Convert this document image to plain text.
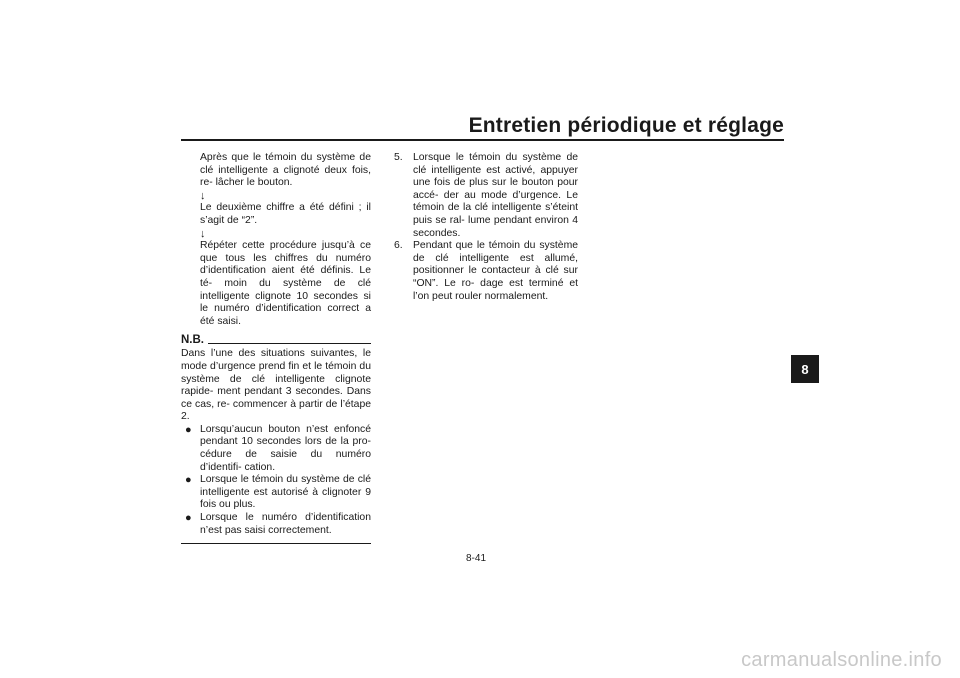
Entretien périodique et réglage

Après que le témoin du système de clé intelligente a clignoté deux fois, re- lâcher le bouton.

↓

Le deuxième chiffre a été défini ; il s’agit de “2”.

↓

Répéter cette procédure jusqu’à ce que tous les chiffres du numéro d’identification aient été définis. Le té- moin du système de clé intelligente clignote 10 secondes si le numéro d’identification correct a été saisi.

N.B.

Dans l’une des situations suivantes, le mode d’urgence prend fin et le témoin du système de clé intelligente clignote rapide- ment pendant 3 secondes. Dans ce cas, re- commencer à partir de l’étape 2.

● Lorsqu’aucun bouton n’est enfoncé pendant 10 secondes lors de la pro- cédure de saisie du numéro d’identifi- cation.

● Lorsque le témoin du système de clé intelligente est autorisé à clignoter 9 fois ou plus.

● Lorsque le numéro d’identification n’est pas saisi correctement.

5. Lorsque le témoin du système de clé intelligente est activé, appuyer une fois de plus sur le bouton pour accé- der au mode d’urgence. Le témoin de la clé intelligente s’éteint puis se ral- lume pendant environ 4 secondes.

6. Pendant que le témoin du système de clé intelligente est allumé, positionner le contacteur à clé sur “ON”. Le ro- dage est terminé et l’on peut rouler normalement.

8
8-41
carmanualsonline.info
